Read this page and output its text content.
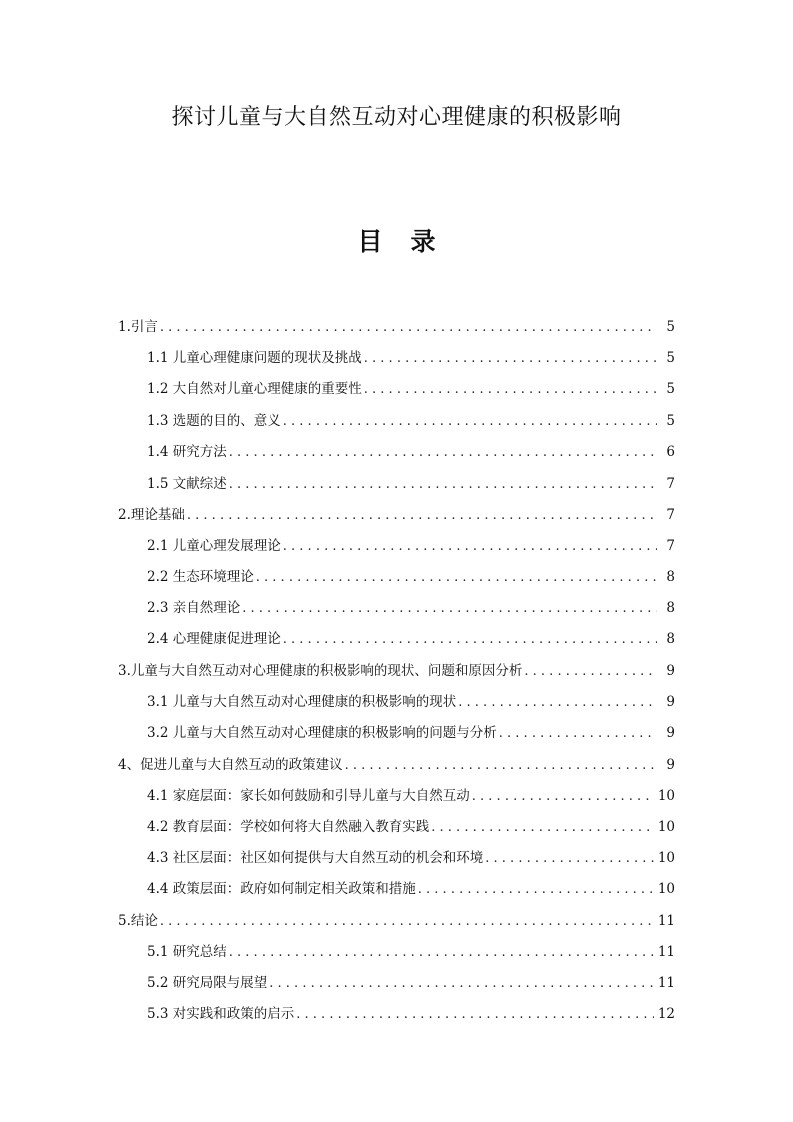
探讨儿童与大自然互动对心理健康的积极影响
目 录
1.引言 . . .	5
1.1 儿童心理健康问题的现状及挑战 . . .	5
1.2 大自然对儿童心理健康的重要性 . . .	5
1.3 选题的目的、意义 . . .	5
1.4 研究方法 . . .	6
1.5 文献综述 . . .	7
2.理论基础 . . .	7
2.1 儿童心理发展理论 . . .	7
2.2 生态环境理论 . . .	8
2.3 亲自然理论 . . .	8
2.4 心理健康促进理论 . . .	8
3.儿童与大自然互动对心理健康的积极影响的现状、问题和原因分析 . . .	9
3.1 儿童与大自然互动对心理健康的积极影响的现状 . . .	9
3.2 儿童与大自然互动对心理健康的积极影响的问题与分析 . . .	9
4、促进儿童与大自然互动的政策建议 . . .	9
4.1 家庭层面：家长如何鼓励和引导儿童与大自然互动 . . .	10
4.2 教育层面：学校如何将大自然融入教育实践 . . .	10
4.3 社区层面：社区如何提供与大自然互动的机会和环境 . . .	10
4.4 政策层面：政府如何制定相关政策和措施 . . .	10
5.结论 . . .	11
5.1 研究总结 . . .	11
5.2 研究局限与展望 . . .	11
5.3 对实践和政策的启示 . . .	12
